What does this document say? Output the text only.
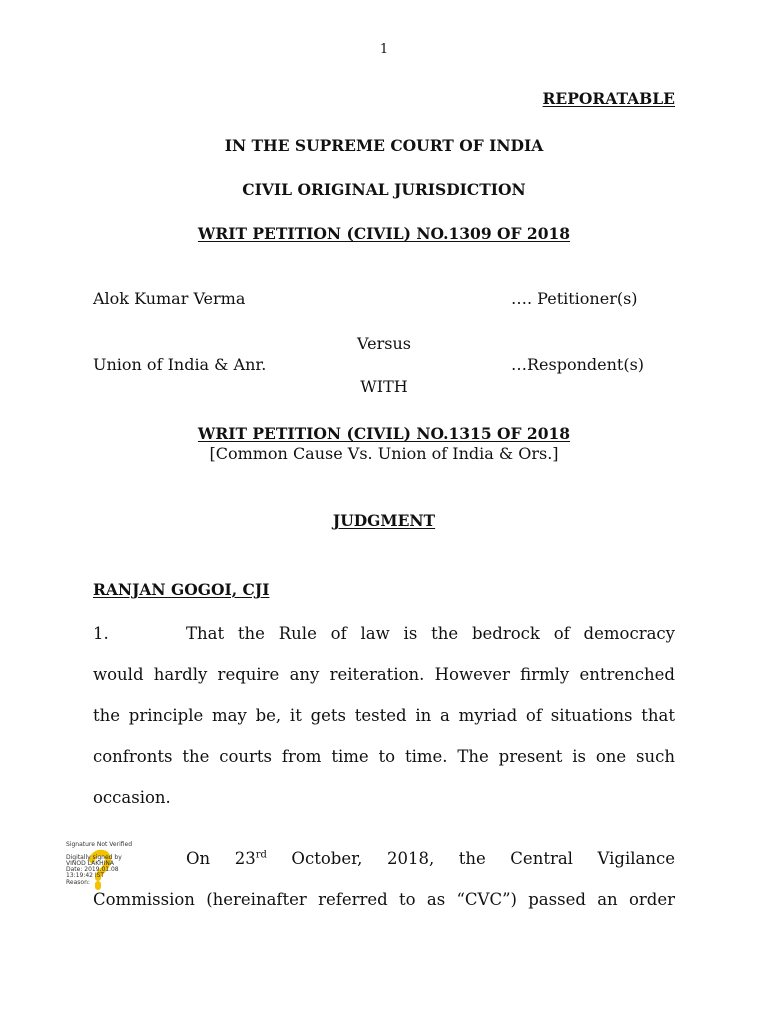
1
REPORATABLE
IN THE SUPREME COURT OF INDIA
CIVIL ORIGINAL JURISDICTION
WRIT PETITION (CIVIL) NO.1309 OF 2018
Alok Kumar Verma	…. Petitioner(s)
Versus
Union of India & Anr.	…Respondent(s)
WITH
WRIT PETITION (CIVIL) NO.1315 OF 2018
[Common Cause Vs. Union of India & Ors.]
JUDGMENT
RANJAN GOGOI, CJI
1.	That the Rule of law is the bedrock of democracy
would hardly require any reiteration. However firmly entrenched
the principle may be, it gets tested in a myriad of situations that
confronts the courts from time to time. The present is one such
occasion.
On 23rd October, 2018, the Central Vigilance
Commission (hereinafter referred to as “CVC”) passed an order
Signature Not Verified

Digitally signed by
VINOD LAKHINA
Date: 2019.01.08
13:19:42 IST
Reason:
